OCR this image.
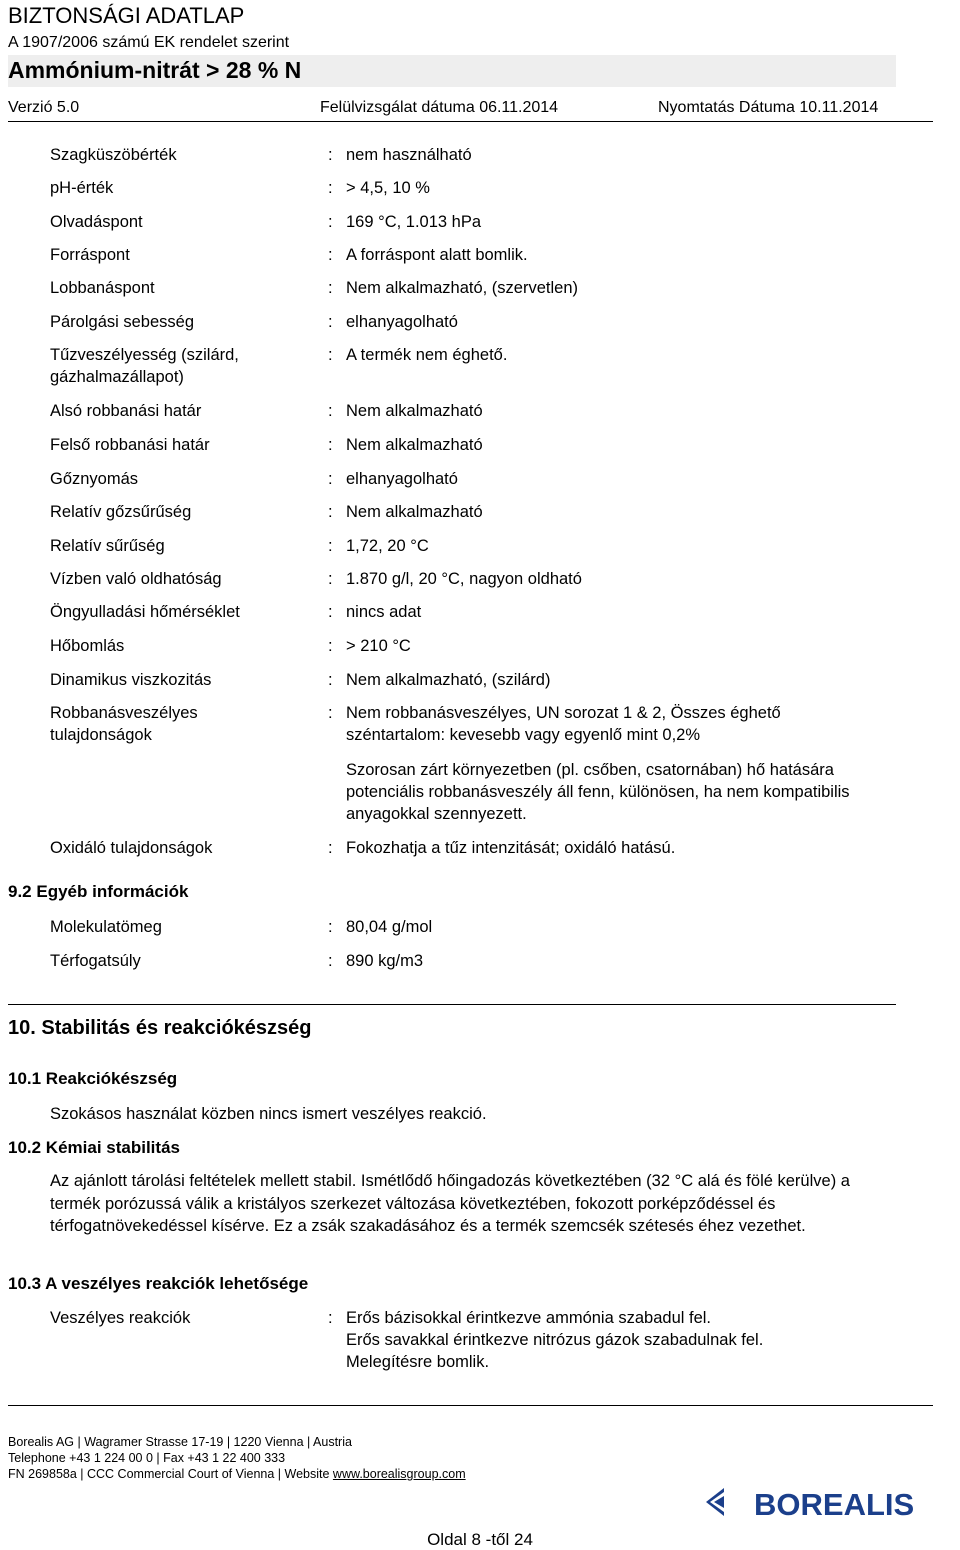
BIZTONSÁGI ADATLAP
A 1907/2006 számú EK rendelet szerint
Ammónium-nitrát > 28 % N
Verzió 5.0	Felülvizsgálat dátuma 06.11.2014	Nyomtatás Dátuma 10.11.2014
Szagküszöbérték	: nem használható
pH-érték	: > 4,5, 10 %
Olvadáspont	: 169 °C, 1.013 hPa
Forráspont	: A forráspont alatt bomlik.
Lobbanáspont	: Nem alkalmazható, (szervetlen)
Párolgási sebesség	: elhanyagolható
Tűzveszélyesség (szilárd, gázhalmazállapot)
: A termék nem éghető.
Alsó robbanási határ	: Nem alkalmazható
Felső robbanási határ	: Nem alkalmazható
Gőznyomás	: elhanyagolható
Relatív gőzsűrűség	: Nem alkalmazható
Relatív sűrűség	: 1,72, 20 °C
Vízben való oldhatóság	: 1.870 g/l, 20 °C, nagyon oldható
Öngyulladási hőmérséklet	: nincs adat
Hőbomlás	: > 210 °C
Dinamikus viszkozitás	: Nem alkalmazható, (szilárd)
Robbanásveszélyes tulajdonságok
: Nem robbanásveszélyes, UN sorozat 1 & 2, Összes éghető széntartalom: kevesebb vagy egyenlő mint 0,2%
Szorosan zárt környezetben (pl. csőben, csatornában) hő hatására potenciális robbanásveszély áll fenn, különösen, ha nem kompatibilis anyagokkal szennyezett.
Oxidáló tulajdonságok	: Fokozhatja a tűz intenzitását; oxidáló hatású.
9.2 Egyéb információk
Molekulatömeg	: 80,04 g/mol
Térfogatsúly	: 890 kg/m3
10. Stabilitás és reakciókészség
10.1 Reakciókészség
Szokásos használat közben nincs ismert veszélyes reakció.
10.2 Kémiai stabilitás
Az ajánlott tárolási feltételek mellett stabil. Ismétlődő hőingadozás következtében (32 °C alá és fölé kerülve) a termék porózussá válik a kristályos szerkezet változása következtében, fokozott porképződéssel és térfogatnövekedéssel kísérve. Ez a zsák szakadásához és a termék szemcsék szétesés éhez vezethet.
10.3 A veszélyes reakciók lehetősége
Veszélyes reakciók	: Erős bázisokkal érintkezve ammónia szabadul fel.
Erős savakkal érintkezve nitrózus gázok szabadulnak fel.
Melegítésre bomlik.
Borealis AG | Wagramer Strasse 17-19 | 1220 Vienna | Austria
Telephone +43 1 224 00 0 | Fax +43 1 22 400 333
FN 269858a | CCC Commercial Court of Vienna | Website www.borealisgroup.com
BOREALIS
Oldal 8 -től 24
